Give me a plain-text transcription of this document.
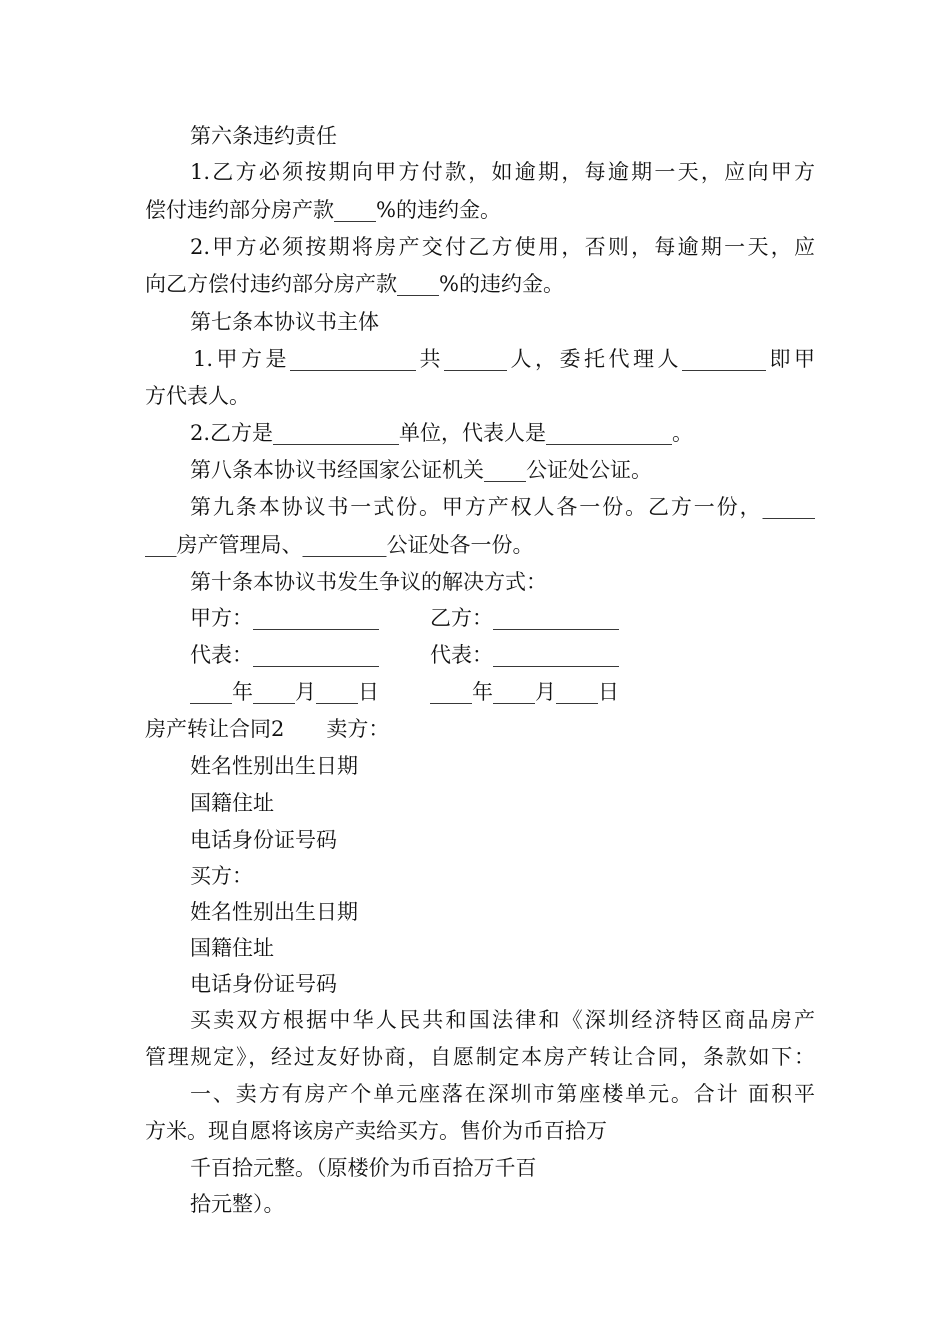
第六条违约责任
1.乙方必须按期向甲方付款，如逾期，每逾期一天，应向甲方
偿付违约部分房产款____%的违约金。
2.甲方必须按期将房产交付乙方使用，否则，每逾期一天，应
向乙方偿付违约部分房产款____%的违约金。
第七条本协议书主体
1.甲方是____________共______人，委托代理人________即甲
方代表人。
2.乙方是____________单位，代表人是____________。
第八条本协议书经国家公证机关____公证处公证。
第九条本协议书一式份。甲方产权人各一份。乙方一份，_____
___房产管理局、________公证处各一份。
第十条本协议书发生争议的解决方式：
甲方：____________ 乙方：____________
代表：____________ 代表：____________
____年____月____日 ____年____月____日
房产转让合同2　　卖方：
姓名性别出生日期
国籍住址
电话身份证号码
买方：
姓名性别出生日期
国籍住址
电话身份证号码
买卖双方根据中华人民共和国法律和《深圳经济特区商品房产
管理规定》，经过友好协商，自愿制定本房产转让合同，条款如下：
一、卖方有房产个单元座落在深圳市第座楼单元。合计 面积平
方米。现自愿将该房产卖给买方。售价为币百拾万
千百拾元整。（原楼价为币百拾万千百
拾元整）。
